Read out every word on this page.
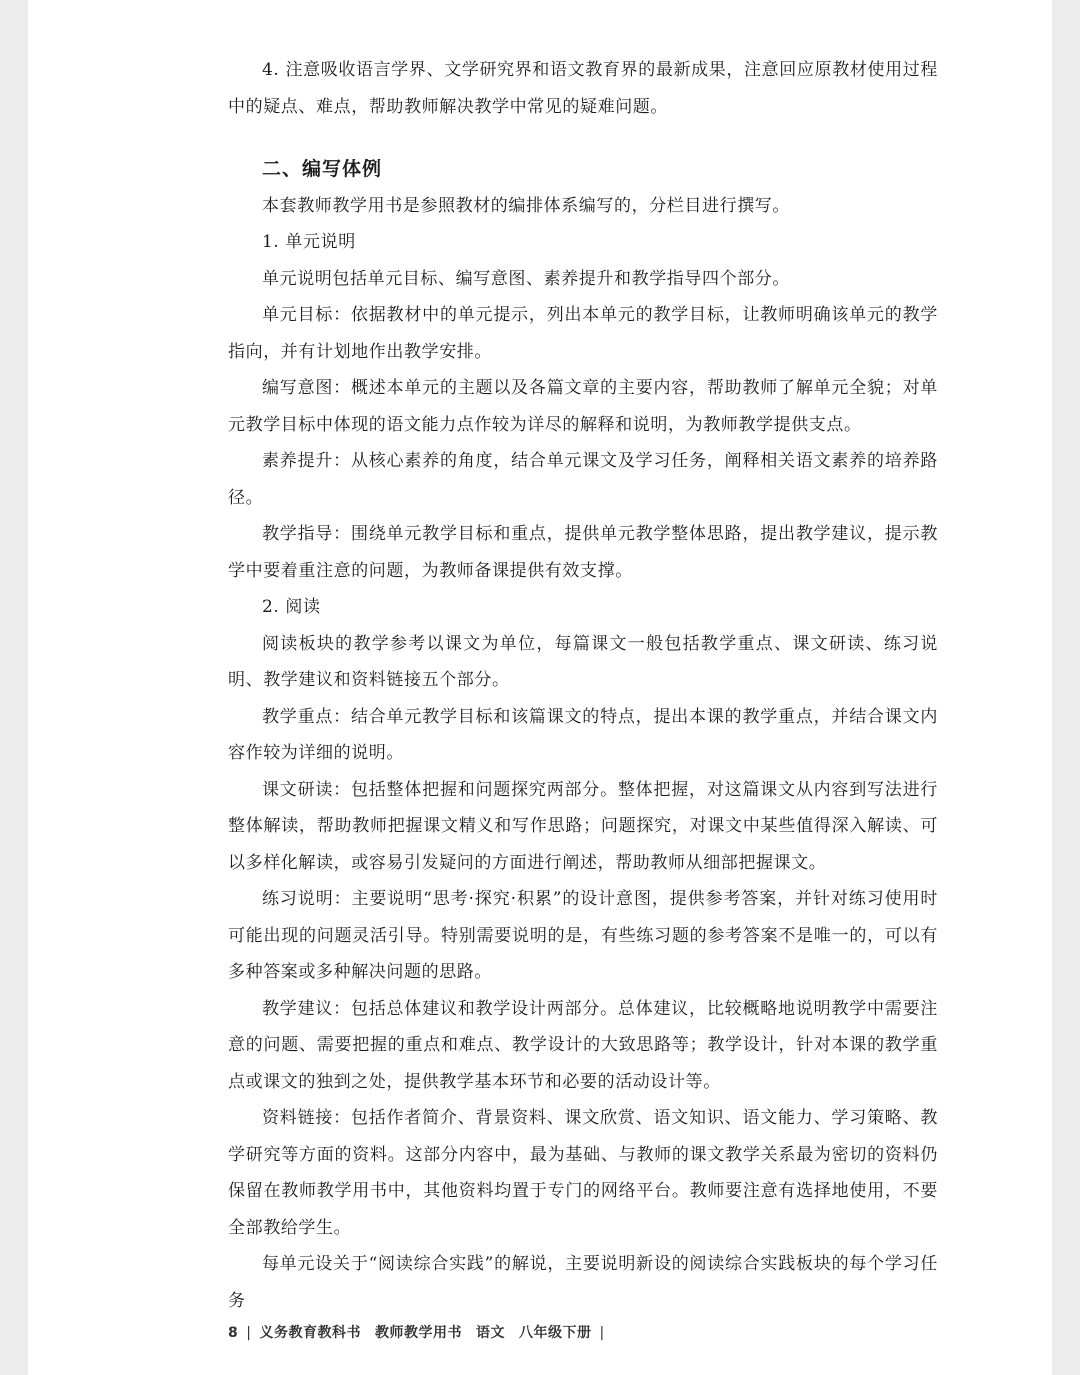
4. 注意吸收语言学界、文学研究界和语文教育界的最新成果，注意回应原教材使用过程中的疑点、难点，帮助教师解决教学中常见的疑难问题。

二、编写体例

本套教师教学用书是参照教材的编排体系编写的，分栏目进行撰写。

1. 单元说明

单元说明包括单元目标、编写意图、素养提升和教学指导四个部分。

单元目标：依据教材中的单元提示，列出本单元的教学目标，让教师明确该单元的教学指向，并有计划地作出教学安排。

编写意图：概述本单元的主题以及各篇文章的主要内容，帮助教师了解单元全貌；对单元教学目标中体现的语文能力点作较为详尽的解释和说明，为教师教学提供支点。

素养提升：从核心素养的角度，结合单元课文及学习任务，阐释相关语文素养的培养路径。

教学指导：围绕单元教学目标和重点，提供单元教学整体思路，提出教学建议，提示教学中要着重注意的问题，为教师备课提供有效支撑。

2. 阅读

阅读板块的教学参考以课文为单位，每篇课文一般包括教学重点、课文研读、练习说明、教学建议和资料链接五个部分。

教学重点：结合单元教学目标和该篇课文的特点，提出本课的教学重点，并结合课文内容作较为详细的说明。

课文研读：包括整体把握和问题探究两部分。整体把握，对这篇课文从内容到写法进行整体解读，帮助教师把握课文精义和写作思路；问题探究，对课文中某些值得深入解读、可以多样化解读，或容易引发疑问的方面进行阐述，帮助教师从细部把握课文。

练习说明：主要说明“思考·探究·积累”的设计意图，提供参考答案，并针对练习使用时可能出现的问题灵活引导。特别需要说明的是，有些练习题的参考答案不是唯一的，可以有多种答案或多种解决问题的思路。

教学建议：包括总体建议和教学设计两部分。总体建议，比较概略地说明教学中需要注意的问题、需要把握的重点和难点、教学设计的大致思路等；教学设计，针对本课的教学重点或课文的独到之处，提供教学基本环节和必要的活动设计等。

资料链接：包括作者简介、背景资料、课文欣赏、语文知识、语文能力、学习策略、教学研究等方面的资料。这部分内容中，最为基础、与教师的课文教学关系最为密切的资料仍保留在教师教学用书中，其他资料均置于专门的网络平台。教师要注意有选择地使用，不要全部教给学生。

每单元设关于“阅读综合实践”的解说，主要说明新设的阅读综合实践板块的每个学习任务

8 | 义务教育教科书 教师教学用书 语文 八年级下册 |
